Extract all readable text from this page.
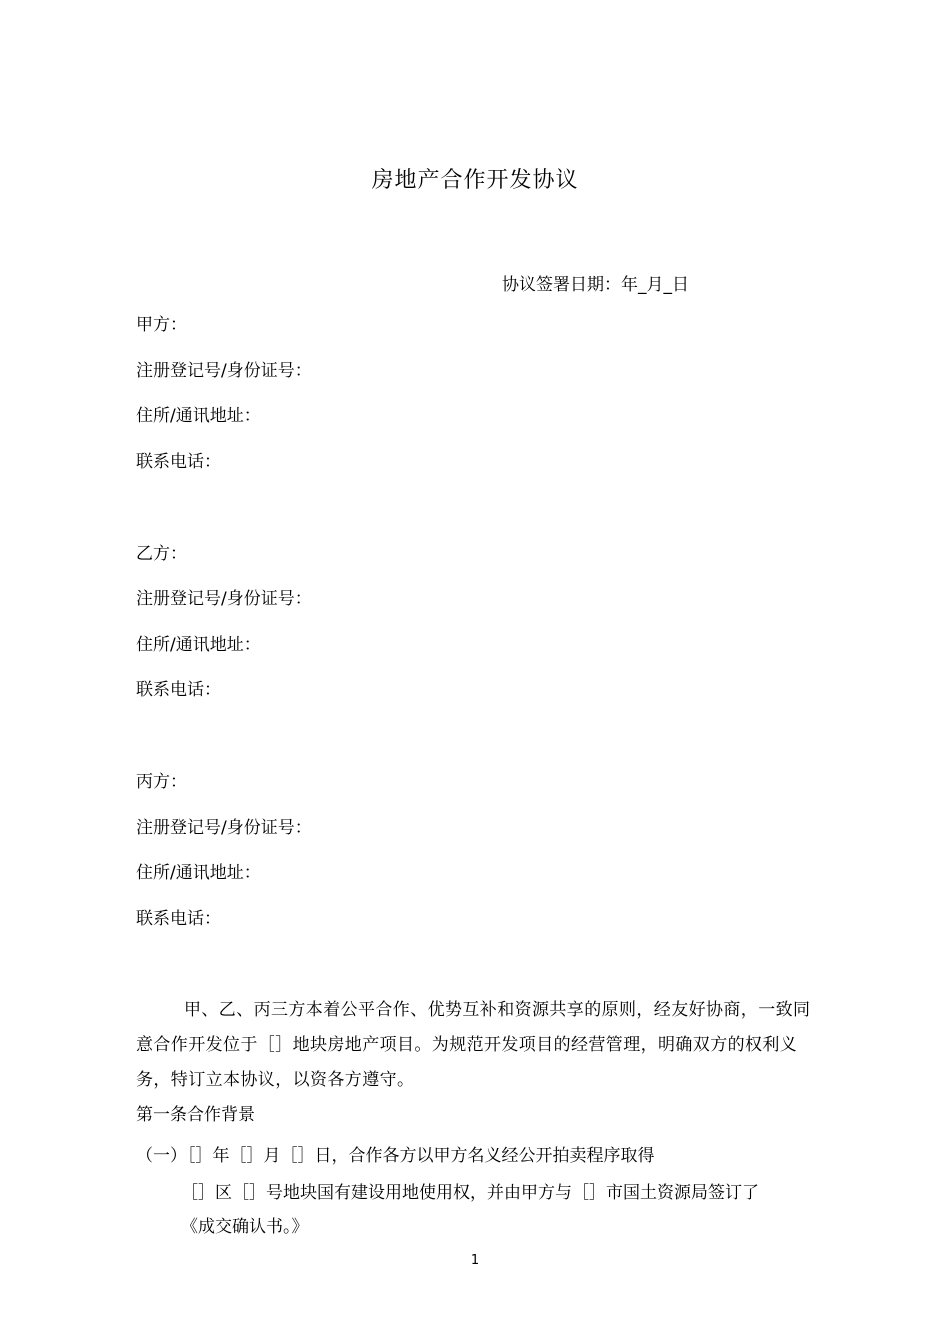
房地产合作开发协议
协议签署日期：年_月_日
甲方：
注册登记号/身份证号：
住所/通讯地址：
联系电话：
乙方：
注册登记号/身份证号：
住所/通讯地址：
联系电话：
丙方：
注册登记号/身份证号：
住所/通讯地址：
联系电话：
甲、乙、丙三方本着公平合作、优势互补和资源共享的原则，经友好协商，一致同意合作开发位于［］地块房地产项目。为规范开发项目的经营管理，明确双方的权利义务，特订立本协议，以资各方遵守。
第一条合作背景
（一）［］年［］月［］日，合作各方以甲方名义经公开拍卖程序取得
［］区［］号地块国有建设用地使用权，并由甲方与［］市国土资源局签订了
《成交确认书。》
1
